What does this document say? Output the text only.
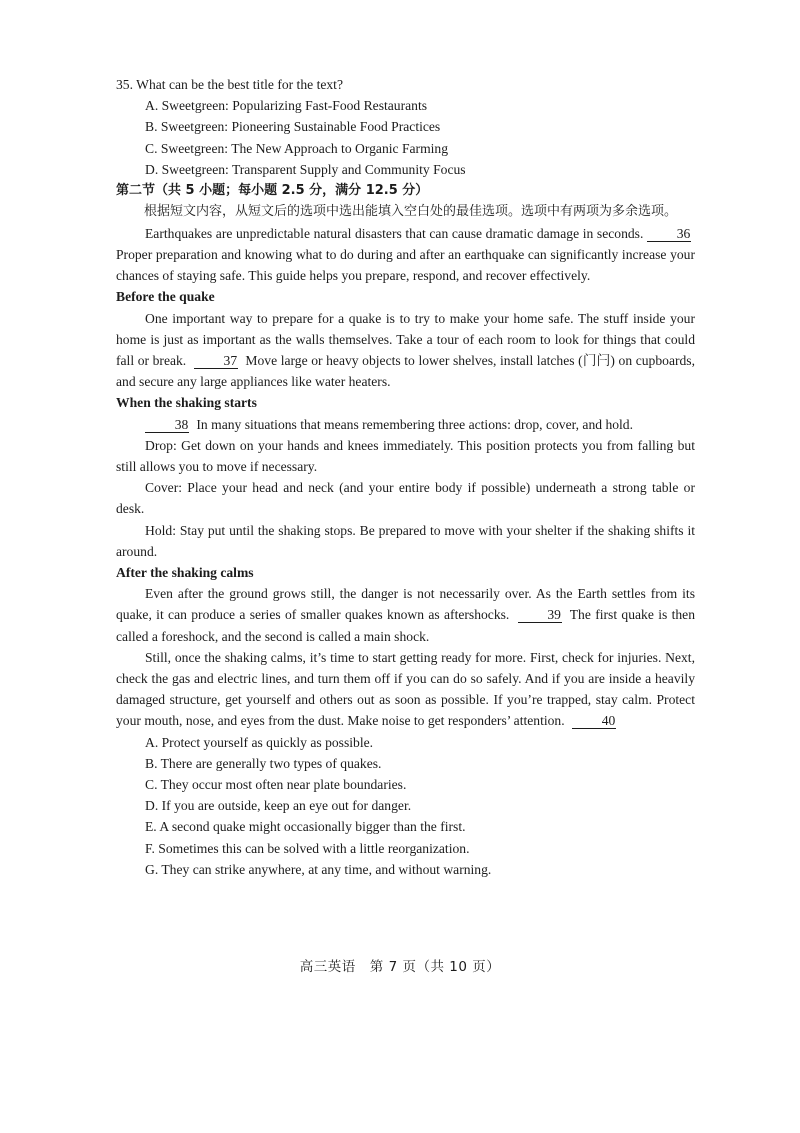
35. What can be the best title for the text?

A. Sweetgreen: Popularizing Fast-Food Restaurants

B. Sweetgreen: Pioneering Sustainable Food Practices

C. Sweetgreen: The New Approach to Organic Farming

D. Sweetgreen: Transparent Supply and Community Focus

第二节（共 5 小题；每小题 2.5 分，满分 12.5 分）

根据短文内容，从短文后的选项中选出能填入空白处的最佳选项。选项中有两项为多余选项。

Earthquakes are unpredictable natural disasters that can cause dramatic damage in seconds. 36 Proper preparation and knowing what to do during and after an earthquake can significantly increase your chances of staying safe. This guide helps you prepare, respond, and recover effectively.

Before the quake

One important way to prepare for a quake is to try to make your home safe. The stuff inside your home is just as important as the walls themselves. Take a tour of each room to look for things that could fall or break.	37 Move large or heavy objects to lower shelves, install latches (门闩) on cupboards, and secure any large appliances like water heaters.

When the shaking starts

38 In many situations that means remembering three actions: drop, cover, and hold.

Drop: Get down on your hands and knees immediately. This position protects you from falling but still allows you to move if necessary.

Cover: Place your head and neck (and your entire body if possible) underneath a strong table or desk.

Hold: Stay put until the shaking stops. Be prepared to move with your shelter if the shaking shifts it around.

After the shaking calms

Even after the ground grows still, the danger is not necessarily over. As the Earth settles from its quake, it can produce a series of smaller quakes known as aftershocks.	39 The first quake is then called a foreshock, and the second is called a main shock.

Still, once the shaking calms, it’s time to start getting ready for more. First, check for injuries. Next, check the gas and electric lines, and turn them off if you can do so safely. And if you are inside a heavily damaged structure, get yourself and others out as soon as possible. If you’re trapped, stay calm. Protect your mouth, nose, and eyes from the dust. Make noise to get responders’ attention.	40

A. Protect yourself as quickly as possible.

B. There are generally two types of quakes.

C. They occur most often near plate boundaries.

D. If you are outside, keep an eye out for danger.

E. A second quake might occasionally bigger than the first.

F. Sometimes this can be solved with a little reorganization.

G. They can strike anywhere, at any time, and without warning.

高三英语　第 7 页（共 10 页）
